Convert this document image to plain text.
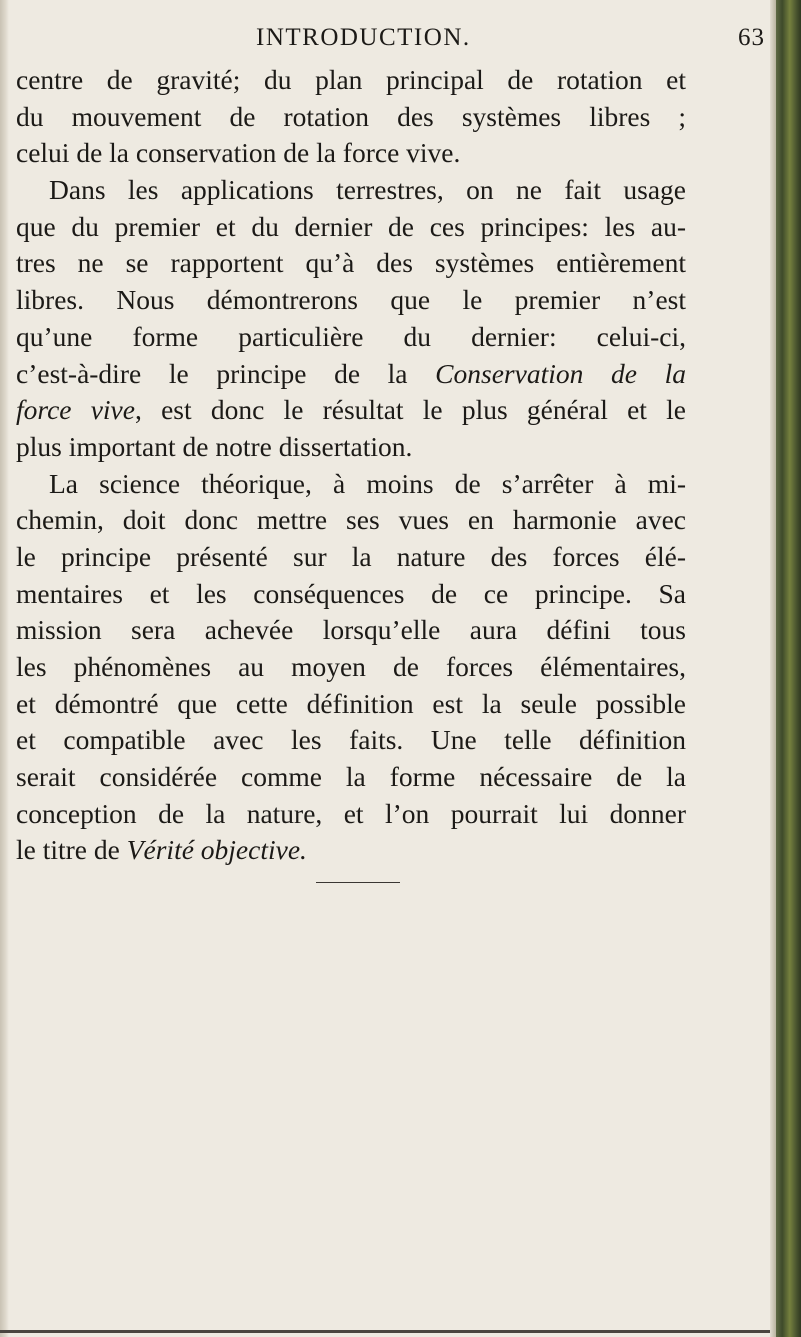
INTRODUCTION.	63
centre de gravité; du plan principal de rotation et
du mouvement de rotation des systèmes libres ;
celui de la conservation de la force vive.
Dans les applications terrestres, on ne fait usage
que du premier et du dernier de ces principes: les au-
tres ne se rapportent qu’à des systèmes entièrement
libres. Nous démontrerons que le premier n’est
qu’une forme particulière du dernier: celui-ci,
c’est-à-dire le principe de la Conservation de la
force vive, est donc le résultat le plus général et le
plus important de notre dissertation.
La science théorique, à moins de s’arrêter à mi-
chemin, doit donc mettre ses vues en harmonie avec
le principe présenté sur la nature des forces élé-
mentaires et les conséquences de ce principe. Sa
mission sera achevée lorsqu’elle aura défini tous
les phénomènes au moyen de forces élémentaires,
et démontré que cette définition est la seule possible
et compatible avec les faits. Une telle définition
serait considérée comme la forme nécessaire de la
conception de la nature, et l’on pourrait lui donner
le titre de Vérité objective.
